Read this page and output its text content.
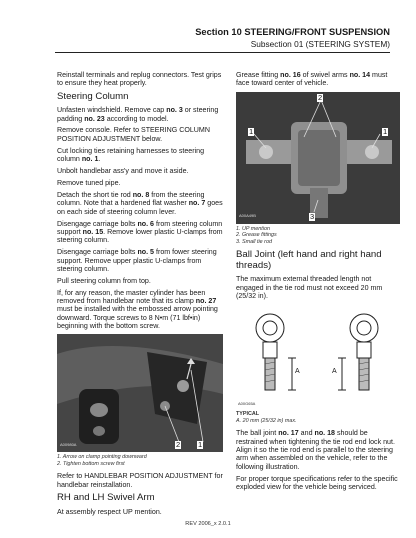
Section 10 STEERING/FRONT SUSPENSION
Subsection 01 (STEERING SYSTEM)

Reinstall terminals and replug connectors. Test grips to ensure they heat properly.

Steering Column

Unfasten windshield. Remove cap no. 3 or steering padding no. 23 according to model.

Remove console. Refer to STEERING COLUMN POSITION ADJUSTMENT below.

Cut locking ties retaining harnesses to steering column no. 1.

Unbolt handlebar ass'y and move it aside.

Remove tuned pipe.

Detach the short tie rod no. 8 from the steering column. Note that a hardened flat washer no. 7 goes on each side of steering column lever.

Disengage carriage bolts no. 6 from steering column support no. 15. Remove lower plastic U-clamps from steering column.

Disengage carriage bolts no. 5 from fower steering support. Remove upper plastic U-clamps from steering column.

Pull steering column from top.

If, for any reason, the master cylinder has been removed from handlebar note that its clamp no. 27 must be installed with the embossed arrow pointing downward. Torque screws to 8 N•m (71 lbf•in) beginning with the bottom screw.

2 1
A00980A
1. Arrow on clamp pointing downward
2. Tighten bottom screw first

Refer to HANDLEBAR POSITION ADJUSTMENT for handlebar reinstallation.

RH and LH Swivel Arm

At assembly respect UP mention.

Grease fitting no. 16 of swivel arms no. 14 must face toward center of vehicle.

2
1	1
3
A00A49B
1. UP mention
2. Grease fittings
3. Small tie rod
Ball Joint (left hand and right hand threads)

The maximum external threaded length not engaged in the tie rod must not exceed 20 mm (25/32 in).

A	A
A00G65A
TYPICAL
A. 20 mm (25/32 in) max.

The ball joint no. 17 and no. 18 should be restrained when tightening the tie rod end lock nut. Align it so the tie rod end is parallel to the steering arm when assembled on the vehicle, refer to the following illustration.

For proper torque specifications refer to the specific exploded view for the vehicle being serviced.

REV 2006_x 2.0.1
